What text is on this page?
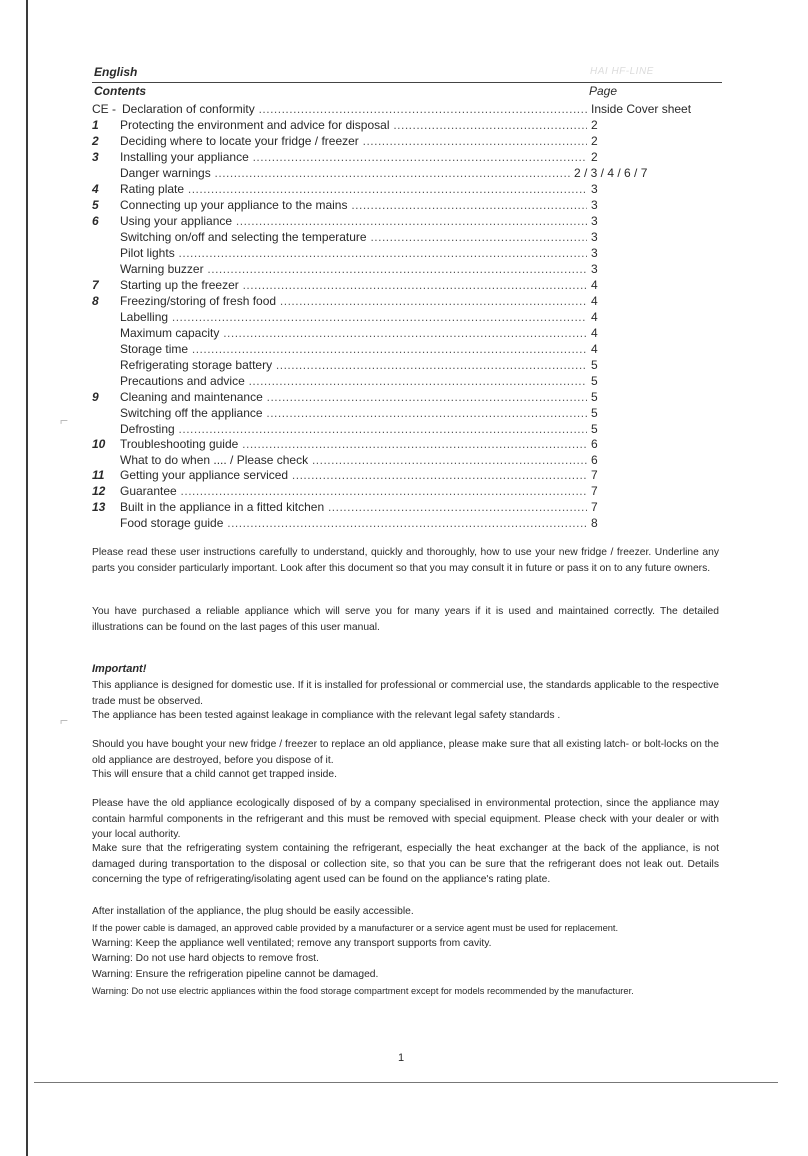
English	HAI HF-LINE
Contents	Page
CE - Declaration of conformity .....	Inside Cover sheet
1	Protecting the environment and advice for disposal .....	2
2	Deciding where to locate your fridge / freezer .....	2
3	Installing your appliance .....	2
Danger warnings .....	2 / 3 / 4 / 6 / 7
4	Rating plate .....	3
5	Connecting up your appliance to the mains .....	3
6	Using your appliance .....	3
Switching on/off and selecting the temperature .....	3
Pilot lights .....	3
Warning buzzer .....	3
7	Starting up the freezer .....	4
8	Freezing/storing of fresh food .....	4
Labelling .....	4
Maximum capacity .....	4
Storage time .....	4
Refrigerating storage battery .....	5
Precautions and advice .....	5
9	Cleaning and maintenance .....	5
Switching off the appliance .....	5
Defrosting .....	5
10	Troubleshooting guide .....	6
What to do when .... / Please check .....	6
11	Getting your appliance serviced .....	7
12	Guarantee .....	7
13	Built in the appliance in a fitted kitchen .....	7
Food storage guide .....	8
Please read these user instructions carefully to understand, quickly and thoroughly, how to use your new fridge / freezer. Underline any parts you consider particularly important. Look after this document so that you may consult it in future or pass it on to any future owners.
You have purchased a reliable appliance which will serve you for many years if it is used and maintained correctly. The detailed illustrations can be found on the last pages of this user manual.
Important!
This appliance is designed for domestic use. If it is installed for professional or commercial use, the standards applicable to the respective trade must be observed.
The appliance has been tested against leakage in compliance with the relevant legal safety standards .
Should you have bought your new fridge / freezer to replace an old appliance, please make sure that all existing latch- or bolt-locks on the old appliance are destroyed, before you dispose of it.
This will ensure that a child cannot get trapped inside.
Please have the old appliance ecologically disposed of by a company specialised in environmental protection, since the appliance may contain harmful components in the refrigerant and this must be removed with special equipment. Please check with your dealer or with your local authority.
Make sure that the refrigerating system containing the refrigerant, especially the heat exchanger at the back of the appliance, is not damaged during transportation to the disposal or collection site, so that you can be sure that the refrigerant does not leak out. Details concerning the type of refrigerating/isolating agent used can be found on the appliance's rating plate.
After installation of the appliance, the plug should be easily accessible.
If the power cable is damaged, an approved cable provided by a manufacturer or a service agent must be used for replacement.
Warning: Keep the appliance well ventilated; remove any transport supports from cavity.
Warning: Do not use hard objects to remove frost.
Warning: Ensure the refrigeration pipeline cannot be damaged.
Warning: Do not use electric appliances within the food storage compartment except for models recommended by the manufacturer.
1
⌐
⌐
